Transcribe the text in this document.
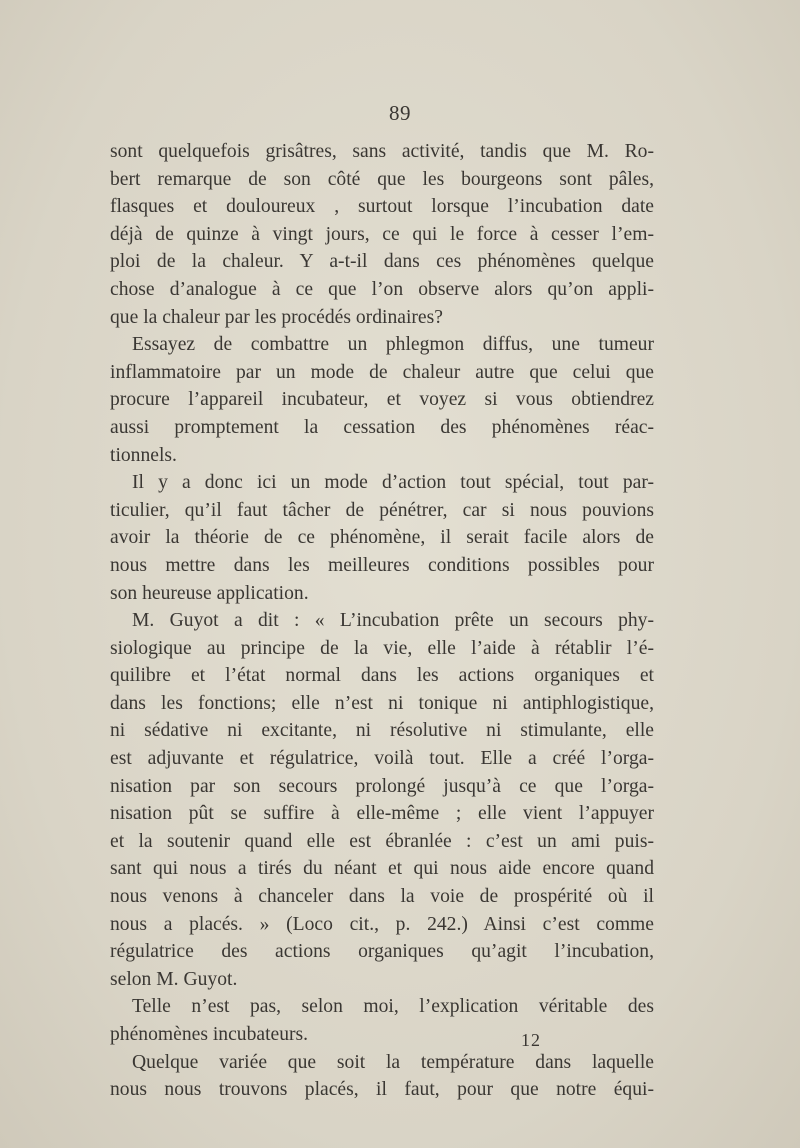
89
sont quelquefois grisâtres, sans activité, tandis que M. Ro-
bert remarque de son côté que les bourgeons sont pâles,
flasques et douloureux , surtout lorsque l’incubation date
déjà de quinze à vingt jours, ce qui le force à cesser l’em-
ploi de la chaleur. Y a-t-il dans ces phénomènes quelque
chose d’analogue à ce que l’on observe alors qu’on appli-
que la chaleur par les procédés ordinaires?
Essayez de combattre un phlegmon diffus, une tumeur
inflammatoire par un mode de chaleur autre que celui que
procure l’appareil incubateur, et voyez si vous obtiendrez
aussi promptement la cessation des phénomènes réac-
tionnels.
Il y a donc ici un mode d’action tout spécial, tout par-
ticulier, qu’il faut tâcher de pénétrer, car si nous pouvions
avoir la théorie de ce phénomène, il serait facile alors de
nous mettre dans les meilleures conditions possibles pour
son heureuse application.
M. Guyot a dit : « L’incubation prête un secours phy-
siologique au principe de la vie, elle l’aide à rétablir l’é-
quilibre et l’état normal dans les actions organiques et
dans les fonctions; elle n’est ni tonique ni antiphlogistique,
ni sédative ni excitante, ni résolutive ni stimulante, elle
est adjuvante et régulatrice, voilà tout. Elle a créé l’orga-
nisation par son secours prolongé jusqu’à ce que l’orga-
nisation pût se suffire à elle-même ; elle vient l’appuyer
et la soutenir quand elle est ébranlée : c’est un ami puis-
sant qui nous a tirés du néant et qui nous aide encore quand
nous venons à chanceler dans la voie de prospérité où il
nous a placés. » (Loco cit., p. 242.) Ainsi c’est comme
régulatrice des actions organiques qu’agit l’incubation,
selon M. Guyot.
Telle n’est pas, selon moi, l’explication véritable des
phénomènes incubateurs.
Quelque variée que soit la température dans laquelle
nous nous trouvons placés, il faut, pour que notre équi-
12
